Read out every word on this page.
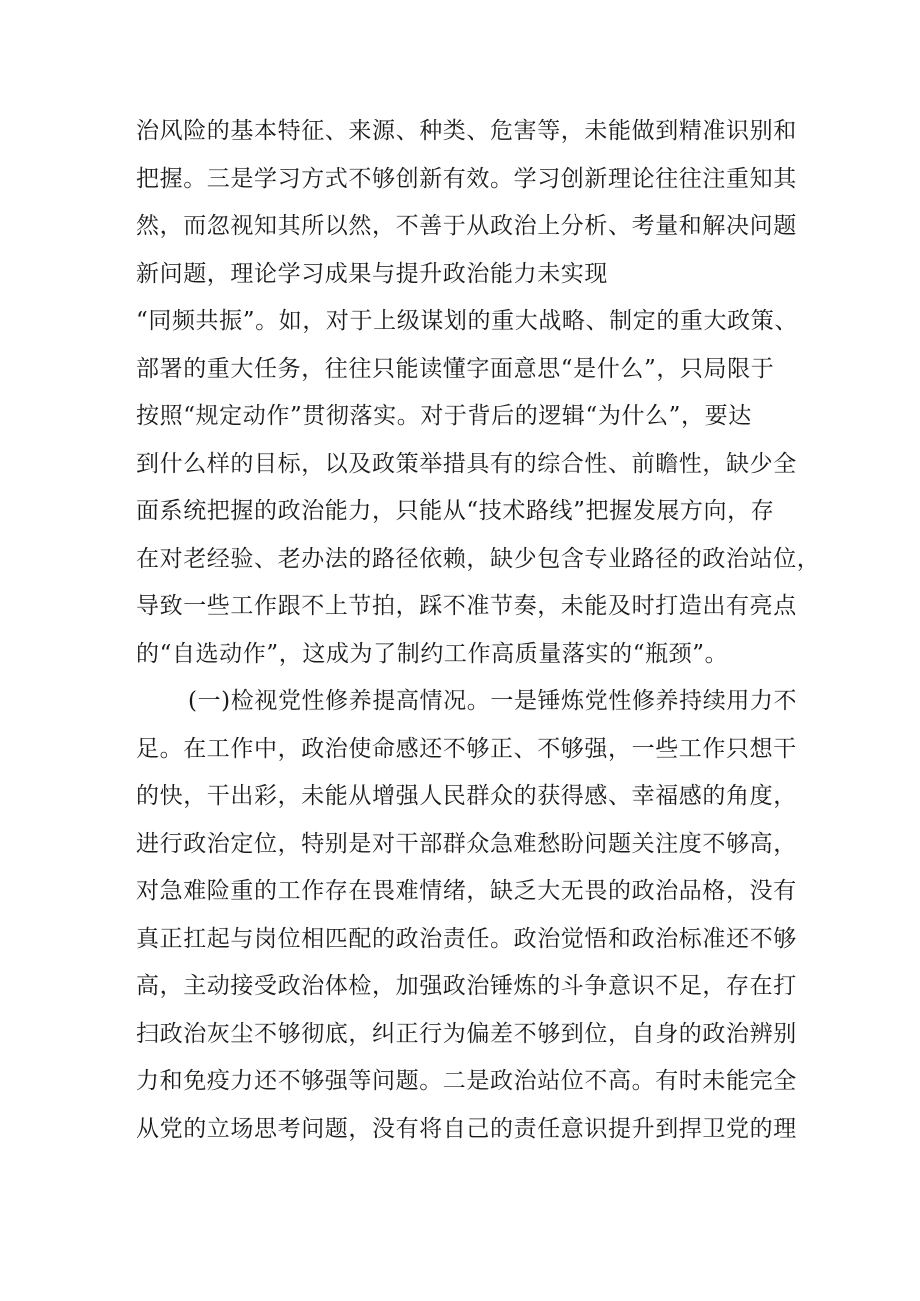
治风险的基本特征、来源、种类、危害等，未能做到精准识别和
把握。三是学习方式不够创新有效。学习创新理论往往注重知其
然，而忽视知其所以然，不善于从政治上分析、考量和解决问题
新问题，理论学习成果与提升政治能力未实现
“同频共振”。如，对于上级谋划的重大战略、制定的重大政策、
部署的重大任务，往往只能读懂字面意思“是什么”，只局限于
按照“规定动作”贯彻落实。对于背后的逻辑“为什么”，要达
到什么样的目标，以及政策举措具有的综合性、前瞻性，缺少全
面系统把握的政治能力，只能从“技术路线”把握发展方向，存
在对老经验、老办法的路径依赖，缺少包含专业路径的政治站位，
导致一些工作跟不上节拍，踩不准节奏，未能及时打造出有亮点
的“自选动作”，这成为了制约工作高质量落实的“瓶颈”。
(一)检视党性修养提高情况。一是锤炼党性修养持续用力不
足。在工作中，政治使命感还不够正、不够强，一些工作只想干
的快，干出彩，未能从增强人民群众的获得感、幸福感的角度，
进行政治定位，特别是对干部群众急难愁盼问题关注度不够高，
对急难险重的工作存在畏难情绪，缺乏大无畏的政治品格，没有
真正扛起与岗位相匹配的政治责任。政治觉悟和政治标准还不够
高，主动接受政治体检，加强政治锤炼的斗争意识不足，存在打
扫政治灰尘不够彻底，纠正行为偏差不够到位，自身的政治辨别
力和免疫力还不够强等问题。二是政治站位不高。有时未能完全
从党的立场思考问题，没有将自己的责任意识提升到捍卫党的理
